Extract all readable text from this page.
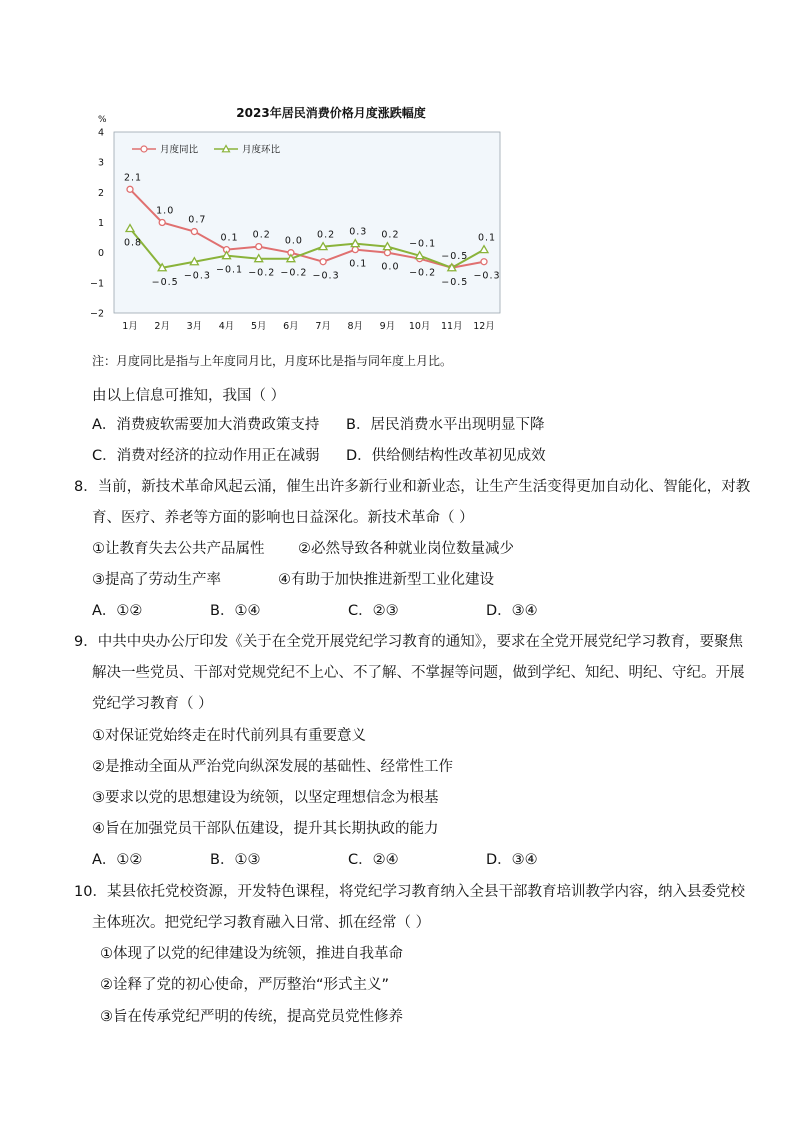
2023年居民消费价格月度涨跌幅度
%
4
3
2
1
0
−1
−2
1月 2月 3月 4月 5月 6月 7月 8月 9月 10月 11月 12月
月度同比	月度环比
2.1
1.0
0.7
0.1 0.2
0.0
−0.3
0.1 0.0
−0.2
−0.5
−0.3
0.8
−0.5
−0.3
−0.1 −0.2 −0.2
0.2 0.3 0.2
−0.1
−0.5
0.1
注：月度同比是指与上年度同月比，月度环比是指与同年度上月比。
由以上信息可推知，我国（ ）
A．消费疲软需要加大消费政策支持 B．居民消费水平出现明显下降
C．消费对经济的拉动作用正在减弱 D．供给侧结构性改革初见成效
8．当前，新技术革命风起云涌，催生出许多新行业和新业态，让生产生活变得更加自动化、智能化，对教
育、医疗、养老等方面的影响也日益深化。新技术革命（ ）
①让教育失去公共产品属性 ②必然导致各种就业岗位数量减少
③提高了劳动生产率	④有助于加快推进新型工业化建设
A．①②	B．①④	C．②③	D．③④
9．中共中央办公厅印发《关于在全党开展党纪学习教育的通知》，要求在全党开展党纪学习教育，要聚焦
解决一些党员、干部对党规党纪不上心、不了解、不掌握等问题，做到学纪、知纪、明纪、守纪。开展
党纪学习教育（ ）
①对保证党始终走在时代前列具有重要意义
②是推动全面从严治党向纵深发展的基础性、经常性工作
③要求以党的思想建设为统领，以坚定理想信念为根基
④旨在加强党员干部队伍建设，提升其长期执政的能力
A．①②	B．①③	C．②④	D．③④
10．某县依托党校资源，开发特色课程，将党纪学习教育纳入全县干部教育培训教学内容，纳入县委党校
主体班次。把党纪学习教育融入日常、抓在经常（ ）
①体现了以党的纪律建设为统领，推进自我革命
②诠释了党的初心使命，严厉整治“形式主义”
③旨在传承党纪严明的传统，提高党员党性修养
